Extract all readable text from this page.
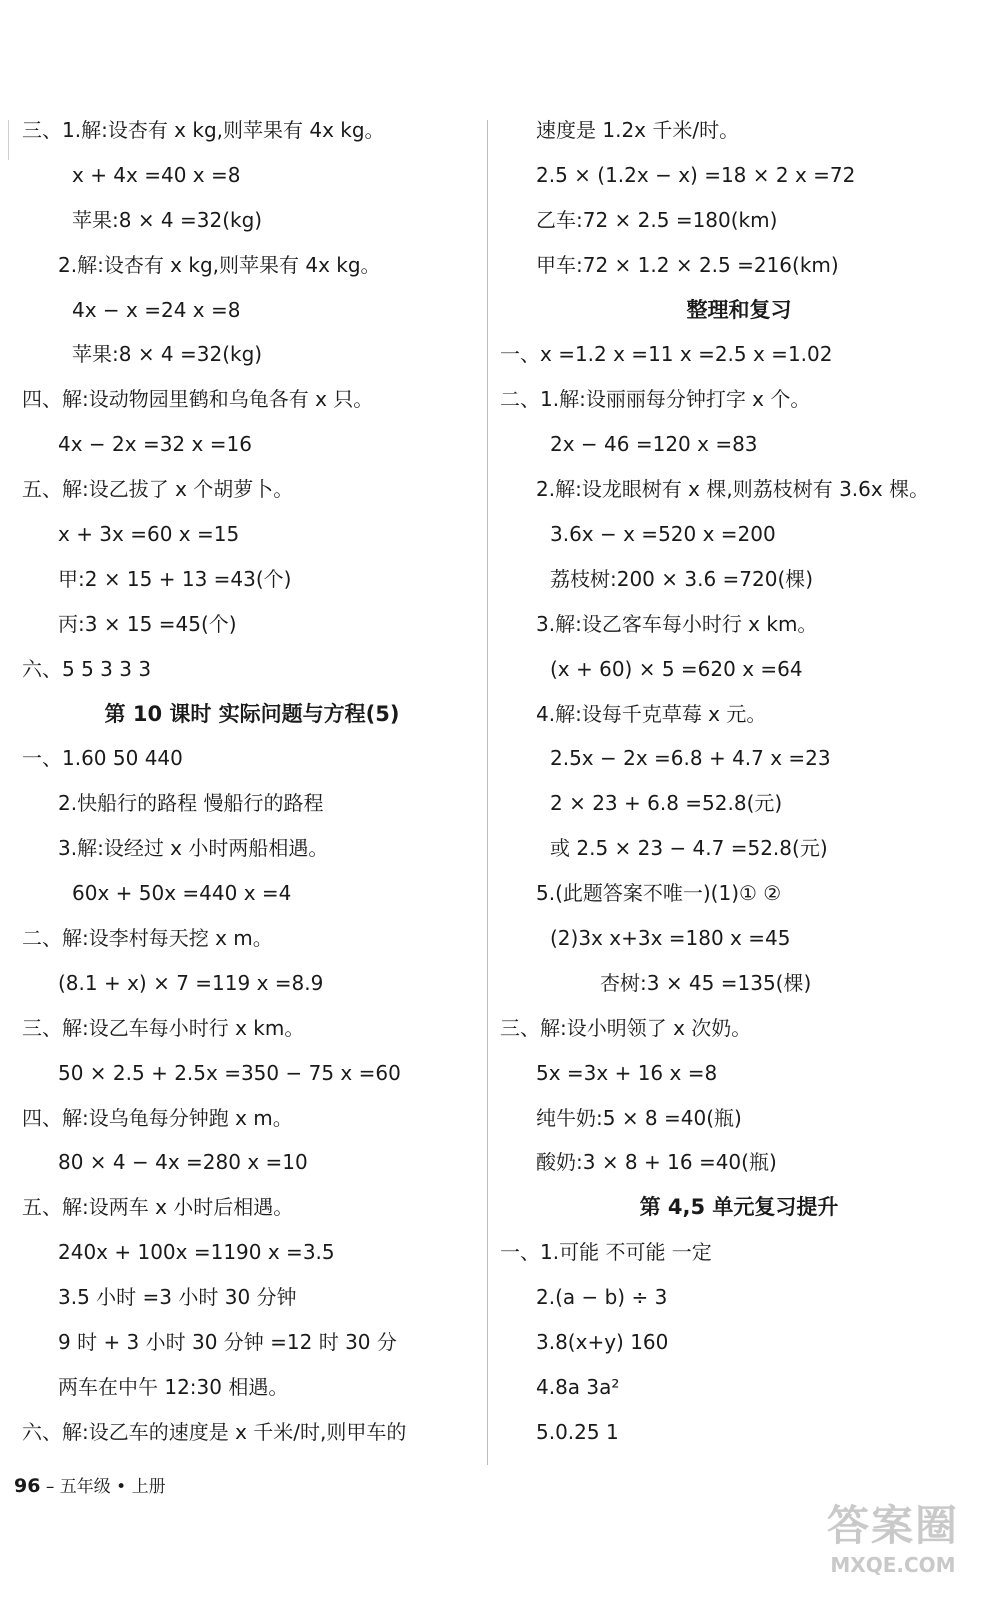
三、1.解:设杏有 x kg,则苹果有 4x kg。
x + 4x =40 x =8
苹果:8 × 4 =32(kg)
2.解:设杏有 x kg,则苹果有 4x kg。
4x − x =24 x =8
苹果:8 × 4 =32(kg)
四、解:设动物园里鹤和乌龟各有 x 只。
4x − 2x =32 x =16
五、解:设乙拔了 x 个胡萝卜。
x + 3x =60 x =15
甲:2 × 15 + 13 =43(个)
丙:3 × 15 =45(个)
六、5 5 3 3 3
第 10 课时 实际问题与方程(5)
一、1.60 50 440
2.快船行的路程 慢船行的路程
3.解:设经过 x 小时两船相遇。
60x + 50x =440 x =4
二、解:设李村每天挖 x m。
(8.1 + x) × 7 =119 x =8.9
三、解:设乙车每小时行 x km。
50 × 2.5 + 2.5x =350 − 75 x =60
四、解:设乌龟每分钟跑 x m。
80 × 4 − 4x =280 x =10
五、解:设两车 x 小时后相遇。
240x + 100x =1190 x =3.5
3.5 小时 =3 小时 30 分钟
9 时 + 3 小时 30 分钟 =12 时 30 分
两车在中午 12:30 相遇。
六、解:设乙车的速度是 x 千米/时,则甲车的
速度是 1.2x 千米/时。
2.5 × (1.2x − x) =18 × 2 x =72
乙车:72 × 2.5 =180(km)
甲车:72 × 1.2 × 2.5 =216(km)
整理和复习
一、x =1.2 x =11 x =2.5 x =1.02
二、1.解:设丽丽每分钟打字 x 个。
2x − 46 =120 x =83
2.解:设龙眼树有 x 棵,则荔枝树有 3.6x 棵。
3.6x − x =520 x =200
荔枝树:200 × 3.6 =720(棵)
3.解:设乙客车每小时行 x km。
(x + 60) × 5 =620 x =64
4.解:设每千克草莓 x 元。
2.5x − 2x =6.8 + 4.7 x =23
2 × 23 + 6.8 =52.8(元)
或 2.5 × 23 − 4.7 =52.8(元)
5.(此题答案不唯一)(1)① ②
(2)3x x+3x =180 x =45
杏树:3 × 45 =135(棵)
三、解:设小明领了 x 次奶。
5x =3x + 16 x =8
纯牛奶:5 × 8 =40(瓶)
酸奶:3 × 8 + 16 =40(瓶)
第 4,5 单元复习提升
一、1.可能 不可能 一定
2.(a − b) ÷ 3
3.8(x+y) 160
4.8a 3a²
5.0.25 1
96 – 五年级 • 上册
答案圈
MXQE.COM
